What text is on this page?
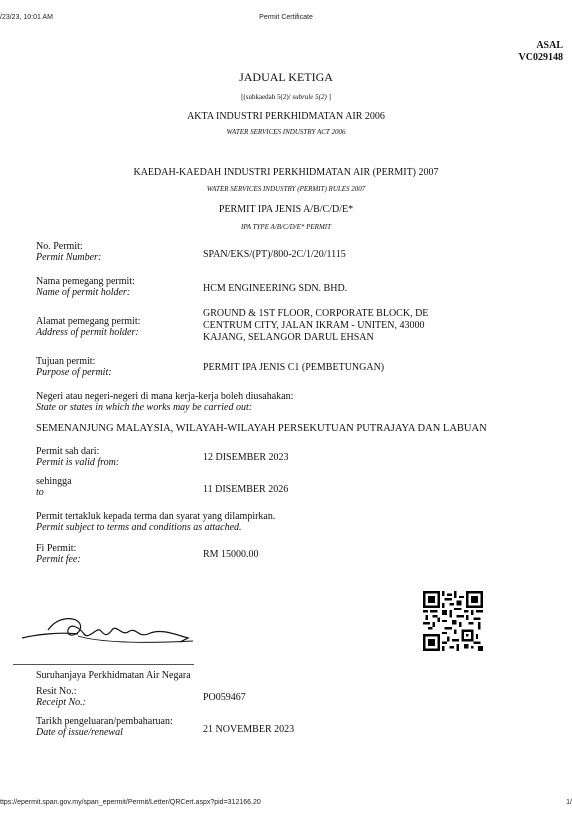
/23/23, 10:01 AM	Permit Certificate
ASAL
VC029148
JADUAL KETIGA
[(subkaedah 5(2)/ subrule 5(2) ]
AKTA INDUSTRI PERKHIDMATAN AIR 2006
WATER SERVICES INDUSTRY ACT 2006
KAEDAH-KAEDAH INDUSTRI PERKHIDMATAN AIR (PERMIT) 2007
WATER SERVICES INDUSTRY (PERMIT) RULES 2007
PERMIT IPA JENIS A/B/C/D/E*
IPA TYPE A/B/C/D/E* PERMIT
No. Permit:
Permit Number:	SPAN/EKS/(PT)/800-2C/1/20/1115
Nama pemegang permit:
Name of permit holder:	HCM ENGINEERING SDN. BHD.
Alamat pemegang permit:
Address of permit holder:
GROUND & 1ST FLOOR, CORPORATE BLOCK, DE
CENTRUM CITY, JALAN IKRAM - UNITEN, 43000
KAJANG, SELANGOR DARUL EHSAN
Tujuan permit:
Purpose of permit:	PERMIT IPA JENIS C1 (PEMBETUNGAN)
Negeri atau negeri-negeri di mana kerja-kerja boleh diusahakan:
State or states in which the works may be carried out:
SEMENANJUNG MALAYSIA, WILAYAH-WILAYAH PERSEKUTUAN PUTRAJAYA DAN LABUAN
Permit sah dari:
Permit is valid from:	12 DISEMBER 2023
sehingga
to	11 DISEMBER 2026
Permit tertakluk kepada terma dan syarat yang dilampirkan.
Permit subject to terms and conditions as attached.
Fi Permit:
Permit fee:	RM 15000.00
Suruhanjaya Perkhidmatan Air Negara
Resit No.:
Receipt No.:	PO059467
Tarikh pengeluaran/pembaharuan:
Date of issue/renewal	21 NOVEMBER 2023
ttps://epermit.span.gov.my/span_epermit/Permit/Letter/QRCert.aspx?pid=312166.20	1/
